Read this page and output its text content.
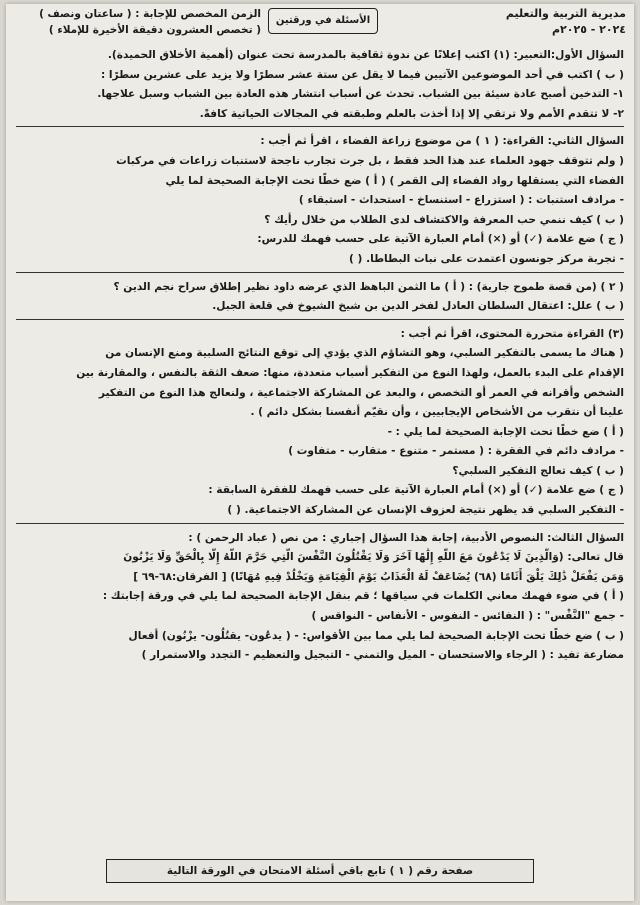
مديرية التربية والتعليم
٢٠٢٤ - ٢٠٢٥م
الأسئلة في ورقتين
الزمن المخصص للإجابة : ( ساعتان ونصف )
( تخصص العشرون دقيقة الأخيرة للإملاء )
السؤال الأول:التعبير: (١) اكتب إعلانًا عن ندوة ثقافية بالمدرسة تحت عنوان (أهمية الأخلاق الحميدة).
( ب ) اكتب في أحد الموضوعين الآتيين فيما لا يقل عن ستة عشر سطرًا ولا يزيد على عشرين سطرًا :
١- التدخين أصبح عادة سيئة بين الشباب. تحدث عن أسباب انتشار هذه العادة بين الشباب وسبل علاجها.
٢- لا تتقدم الأمم ولا ترتقي إلا إذا أخذت بالعلم وطبقته في المجالات الحياتية كافةً.
السؤال الثاني: القراءة: ( ١ ) من موضوع زراعة الفضاء ، اقرأ ثم أجب :
( ولم تتوقف جهود العلماء عند هذا الحد فقط ، بل جرت تجارب ناجحة لاستنبات زراعات في مركبات
الفضاء التي يستقلها رواد الفضاء إلى القمر ) ( أ ) ضع خطًا تحت الإجابة الصحيحة لما يلي
- مرادف استنبات : ( استزراع - استنساخ - استحداث - استبقاء )
( ب ) كيف ننمي حب المعرفة والاكتشاف لدى الطلاب من خلال رأيك ؟
( ج ) ضع علامة (✓) أو (×) أمام العبارة الآتية على حسب فهمك للدرس:
- تجربة مركز جونسون اعتمدت على نبات البطاطا. ( )
( ٢ ) (من قصة طموح جارية) : ( أ ) ما الثمن الباهظ الذي عرضه داود نظير إطلاق سراح نجم الدين ؟
( ب ) علل: اعتقال السلطان العادل لفخر الدين بن شيخ الشيوخ في قلعة الجبل.
(٣) القراءة متحررة المحتوى، اقرأ ثم أجب :
( هناك ما يسمى بالتفكير السلبي، وهو التشاؤم الذي يؤدي إلى توقع النتائج السلبية ومنع الإنسان من
الإقدام على البدء بالعمل، ولهذا النوع من التفكير أسباب متعددة، منها: ضعف الثقة بالنفس ، والمقارنة بين
الشخص وأقرانه في العمر أو التخصص ، والبعد عن المشاركة الاجتماعية ، ولنعالج هذا النوع من التفكير
علينا أن نتقرب من الأشخاص الإيجابيين ، وأن نقيّم أنفسنا بشكل دائم ) .
( أ ) ضع خطًا تحت الإجابة الصحيحة لما يلي : -
- مرادف دائم في الفقرة : ( مستمر - متنوع - متقارب - متفاوت )
( ب ) كيف تعالج التفكير السلبي؟
( ج ) ضع علامة (✓) أو (×) أمام العبارة الآتية على حسب فهمك للفقرة السابقة :
- التفكير السلبي قد يظهر نتيجة لعزوف الإنسان عن المشاركة الاجتماعية. ( )
السؤال الثالث: النصوص الأدبية، إجابة هذا السؤال إجباري : من نص ( عباد الرحمن ) :
قال تعالى: (وَالَّذِينَ لَا يَدْعُونَ مَعَ اللَّهِ إِلَٰهًا آخَرَ وَلَا يَقْتُلُونَ النَّفْسَ الَّتِي حَرَّمَ اللَّهُ إِلَّا بِالْحَقِّ وَلَا يَزْنُونَ
وَمَن يَفْعَلْ ذَٰلِكَ يَلْقَ أَثَامًا (٦٨) يُضَاعَفْ لَهُ الْعَذَابُ يَوْمَ الْقِيَامَةِ وَيَخْلُدْ فِيهِ مُهَانًا) [ الفرقان:٦٨-٦٩ ]
( أ ) في ضوء فهمك معاني الكلمات في سياقها ؛ قم بنقل الإجابة الصحيحة لما يلي في ورقة إجابتك :
- جمع "النَّفْس" : ( النفائس - النفوس - الأنفاس - النواقس )
( ب ) ضع خطًا تحت الإجابة الصحيحة لما يلي مما بين الأقواس: - ( يدعُون- يقتُلُون- يزْنُون) أفعال
مضارعة تفيد : ( الرجاء والاستحسان - الميل والتمني - التبجيل والتعظيم - التجدد والاستمرار )
صفحة رقم ( ١ ) تابع باقي أسئلة الامتحان في الورقة التالية
